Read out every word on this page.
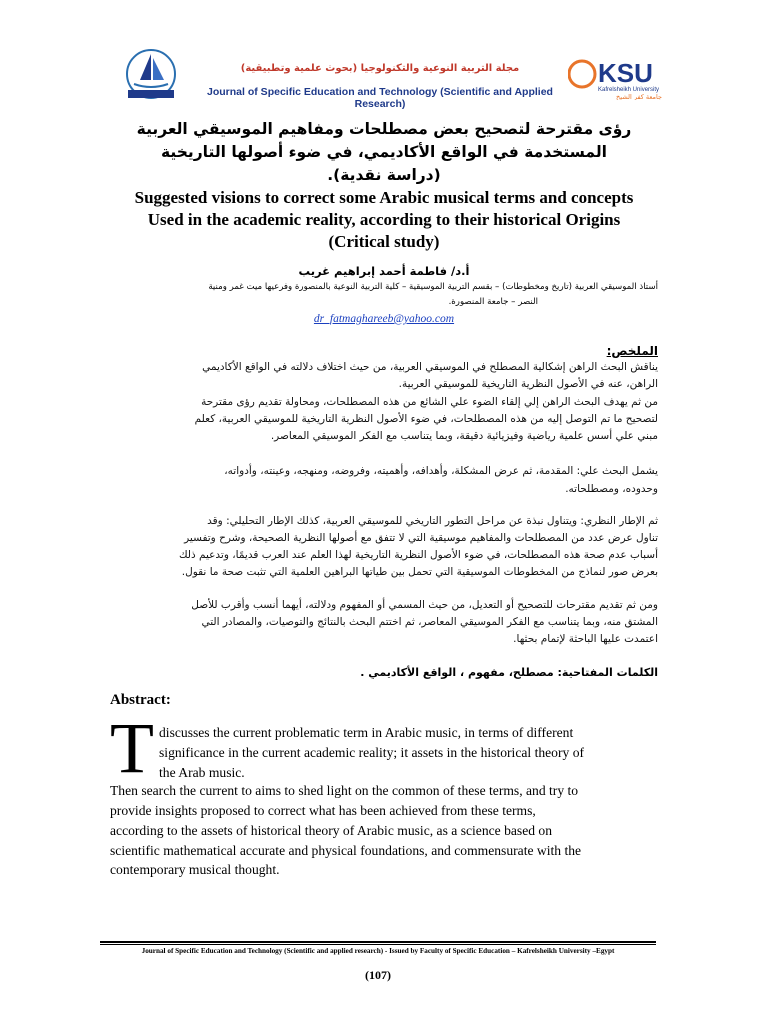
KSU
Kafrelsheikh University
جامعة كفر الشيخ
مجلة التربية النوعية والتكنولوجيا (بحوث علمية وتطبيقية)
Journal of Specific Education and Technology (Scientific and Applied Research)
رؤى مقترحة لتصحيح بعض مصطلحات ومفاهيم الموسيقي العربية
المستخدمة في الواقع الأكاديمي، في ضوء أصولها التاريخية
(دراسة نقدية).
Suggested visions to correct some Arabic musical terms and concepts
Used in the academic reality, according to their historical Origins
(Critical study)
أ.د/ فاطمة أحمد إبراهيم غريب
أستاذ الموسيقي العربية (تاريخ ومخطوطات) – بقسم التربية الموسيقية – كلية التربية النوعية بالمنصورة وفرعيها ميت غمر ومنية
النصر – جامعة المنصورة.
dr_fatmaghareeb@yahoo.com
الملخص:
يناقش البحث الراهن إشكالية المصطلح في الموسيقي العربية، من حيث اختلاف دلالته في الواقع الأكاديمي
الراهن، عنه في الأصول النظرية التاريخية للموسيقي العربية.
من ثم يهدف البحث الراهن إلي إلقاء الضوء علي الشائع من هذه المصطلحات، ومحاولة تقديم رؤى مقترحة
لتصحيح ما تم التوصل إليه من هذه المصطلحات، في ضوء الأصول النظرية التاريخية للموسيقي العربية، كعلم
مبني علي أسس علمية رياضية وفيزيائية دقيقة، وبما يتناسب مع الفكر الموسيقي المعاصر.
يشمل البحث علي: المقدمة، ثم عرض المشكلة، وأهدافه، وأهميته، وفروضه، ومنهجه، وعينته، وأدواته،
وحدوده، ومصطلحاته.
ثم الإطار النظري: ويتناول نبذة عن مراحل التطور التاريخي للموسيقي العربية، كذلك الإطار التحليلي: وقد
تناول عرض عدد من المصطلحات والمفاهيم موسيقية التي لا تتفق مع أصولها النظرية الصحيحة، وشرح وتفسير
أسباب عدم صحة هذه المصطلحات، في ضوء الأصول النظرية التاريخية لهذا العلم عند العرب قديمًا، وتدعيم ذلك
بعرض صور لنماذج من المخطوطات الموسيقية التي تحمل بين طياتها البراهين العلمية التي تثبت صحة ما نقول.
ومن ثم تقديم مقترحات للتصحيح أو التعديل، من حيث المسمي أو المفهوم ودلالته، أيهما أنسب وأقرب للأصل
المشتق منه، وبما يتناسب مع الفكر الموسيقي المعاصر، ثم اختتم البحث بالنتائج والتوصيات، والمصادر التي
اعتمدت عليها الباحثة لإتمام بحثها.
الكلمات المفتاحية: مصطلح، مفهوم ، الواقع الأكاديمي .
Abstract:
T discusses the current problematic term in Arabic music, in terms of different
significance in the current academic reality; it assets in the historical theory of
the Arab music.
Then search the current to aims to shed light on the common of these terms, and try to
provide insights proposed to correct what has been achieved from these terms,
according to the assets of historical theory of Arabic music, as a science based on
scientific mathematical accurate and physical foundations, and commensurate with the
contemporary musical thought.
Journal of Specific Education and Technology (Scientific and applied research) - Issued by Faculty of Specific Education – Kafrelsheikh University –Egypt
(107)
